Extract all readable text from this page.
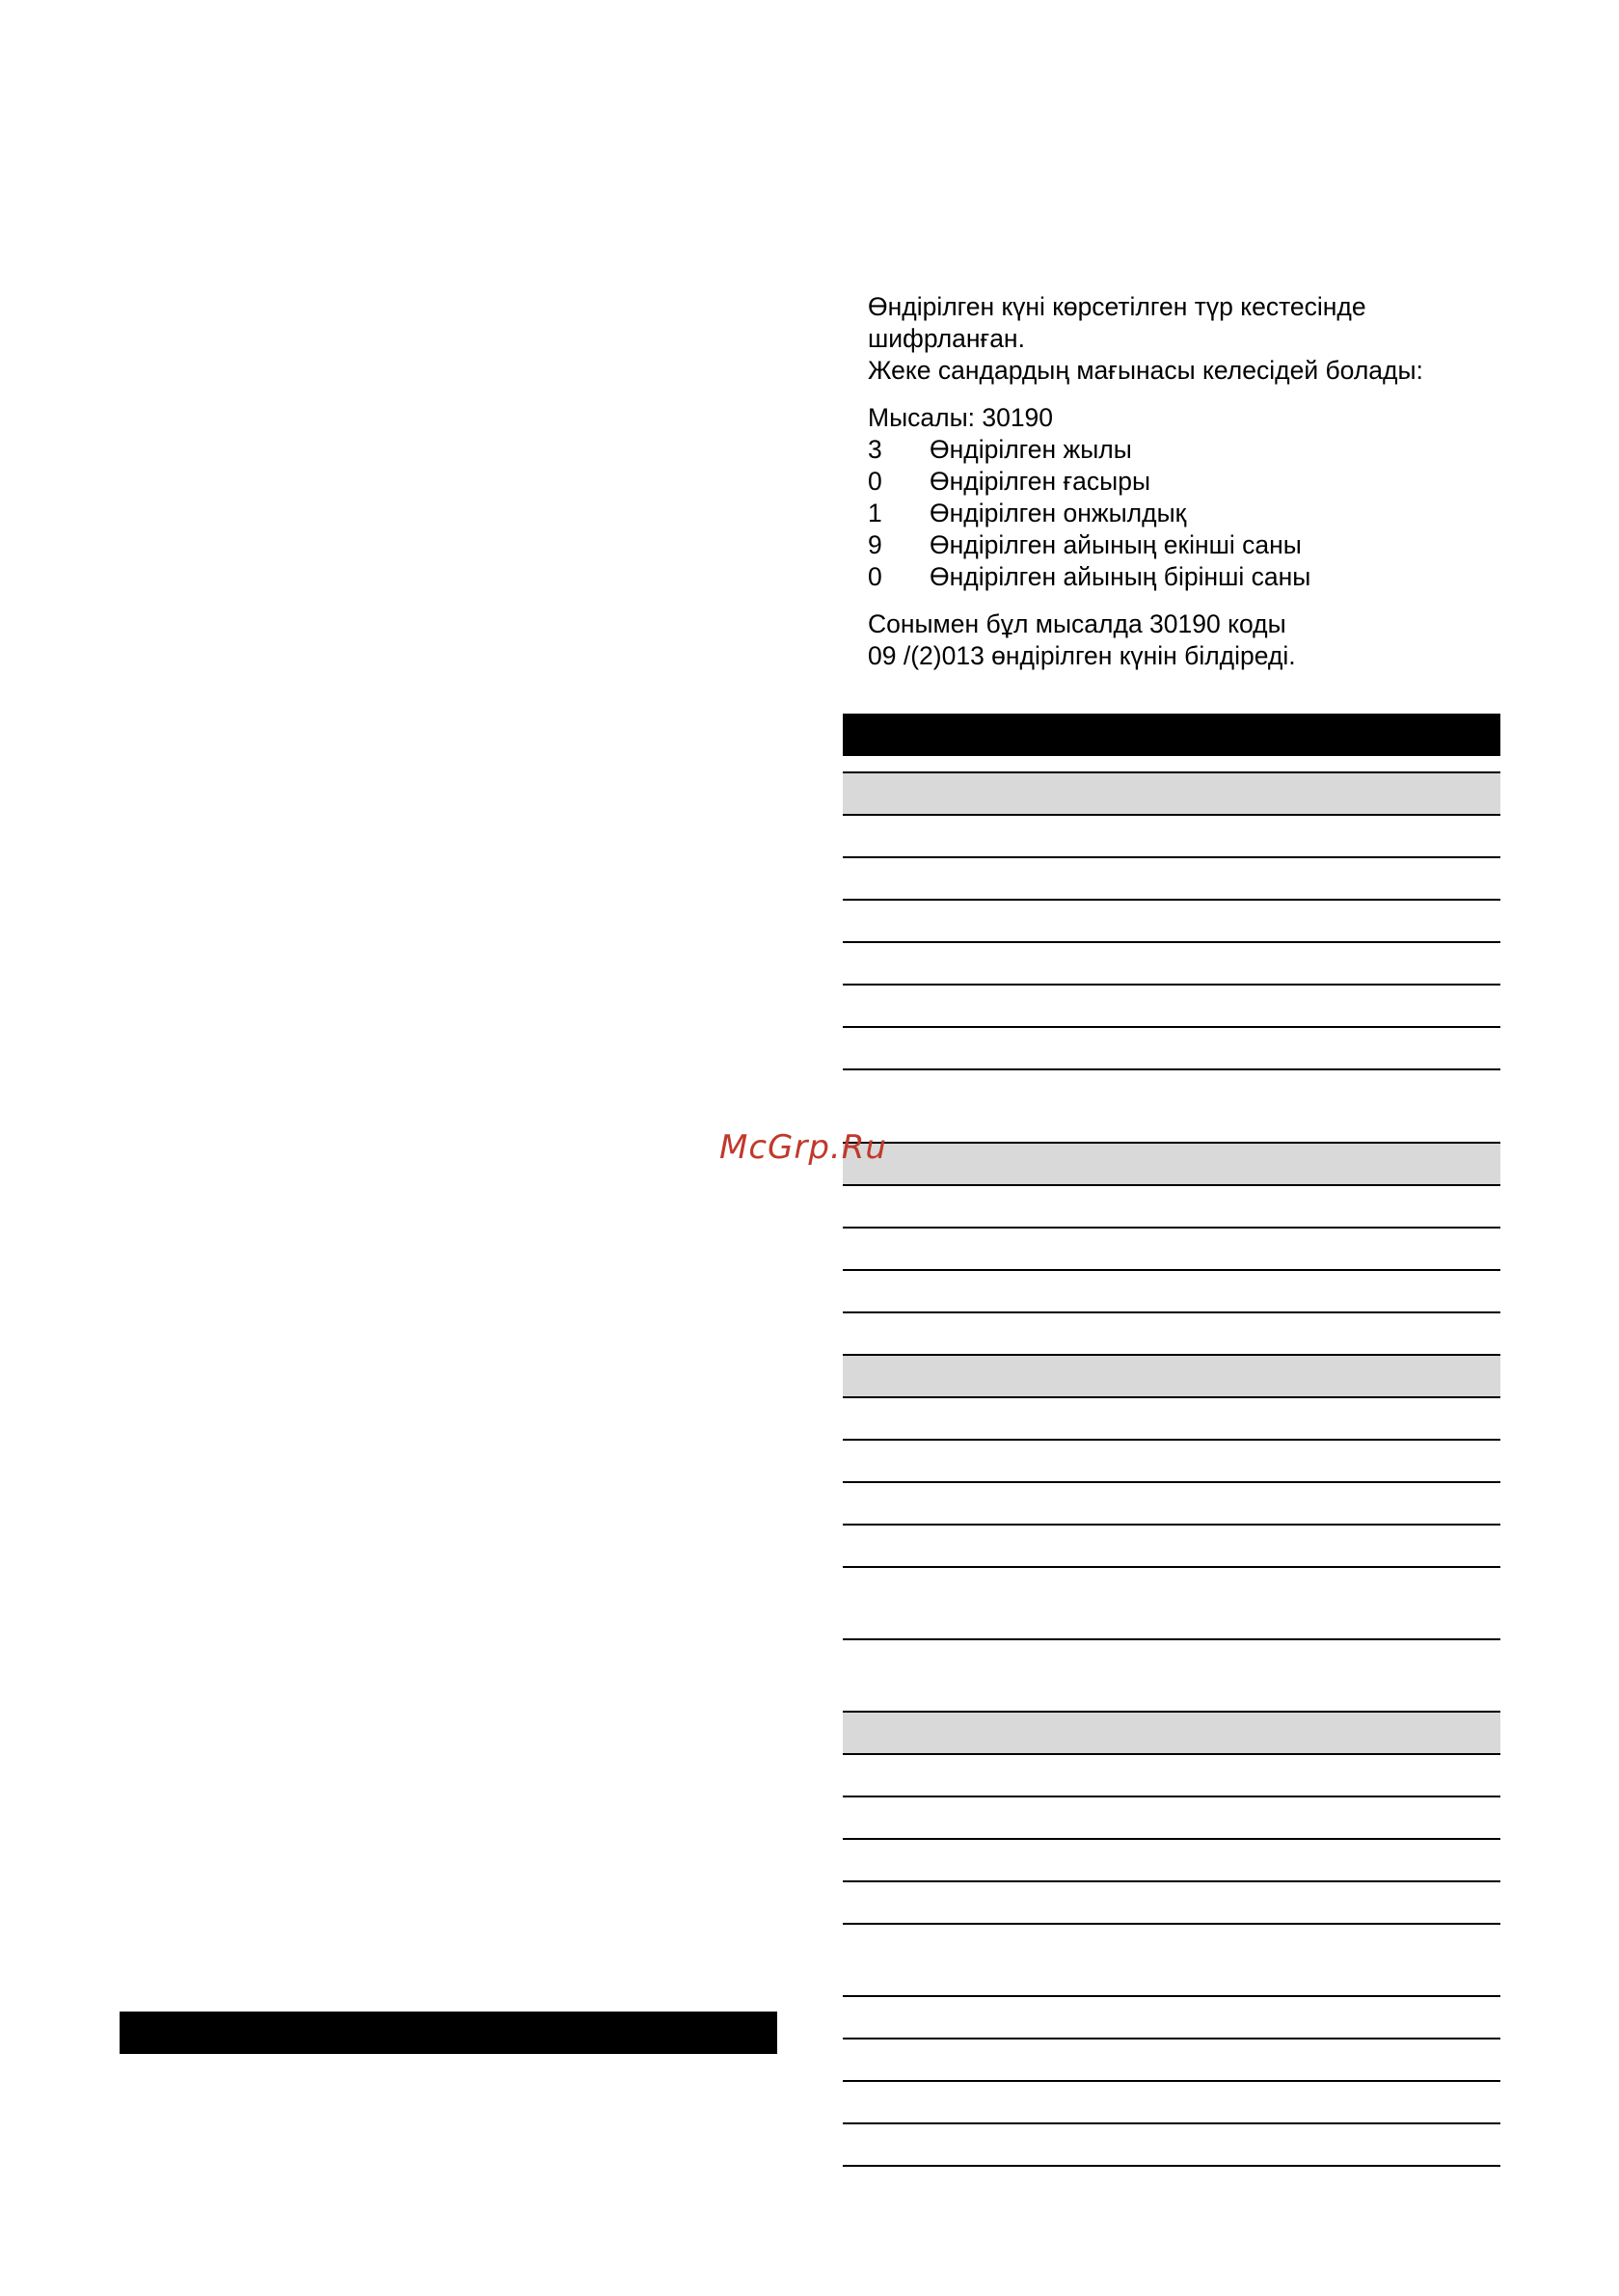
Өндірілген күні көрсетілген түр кестесінде шифрланған.

Жеке сандардың мағынасы келесідей болады:

Мысалы: 30190

3	Өндірілген жылы
0	Өндірілген ғасыры
1	Өндірілген онжылдық
9	Өндірілген айының екінші саны
0	Өндірілген айының бірінші саны

Сонымен бұл мысалда 30190 коды

09 /(2)013 өндірілген күнін білдіреді.

McGrp.Ru
